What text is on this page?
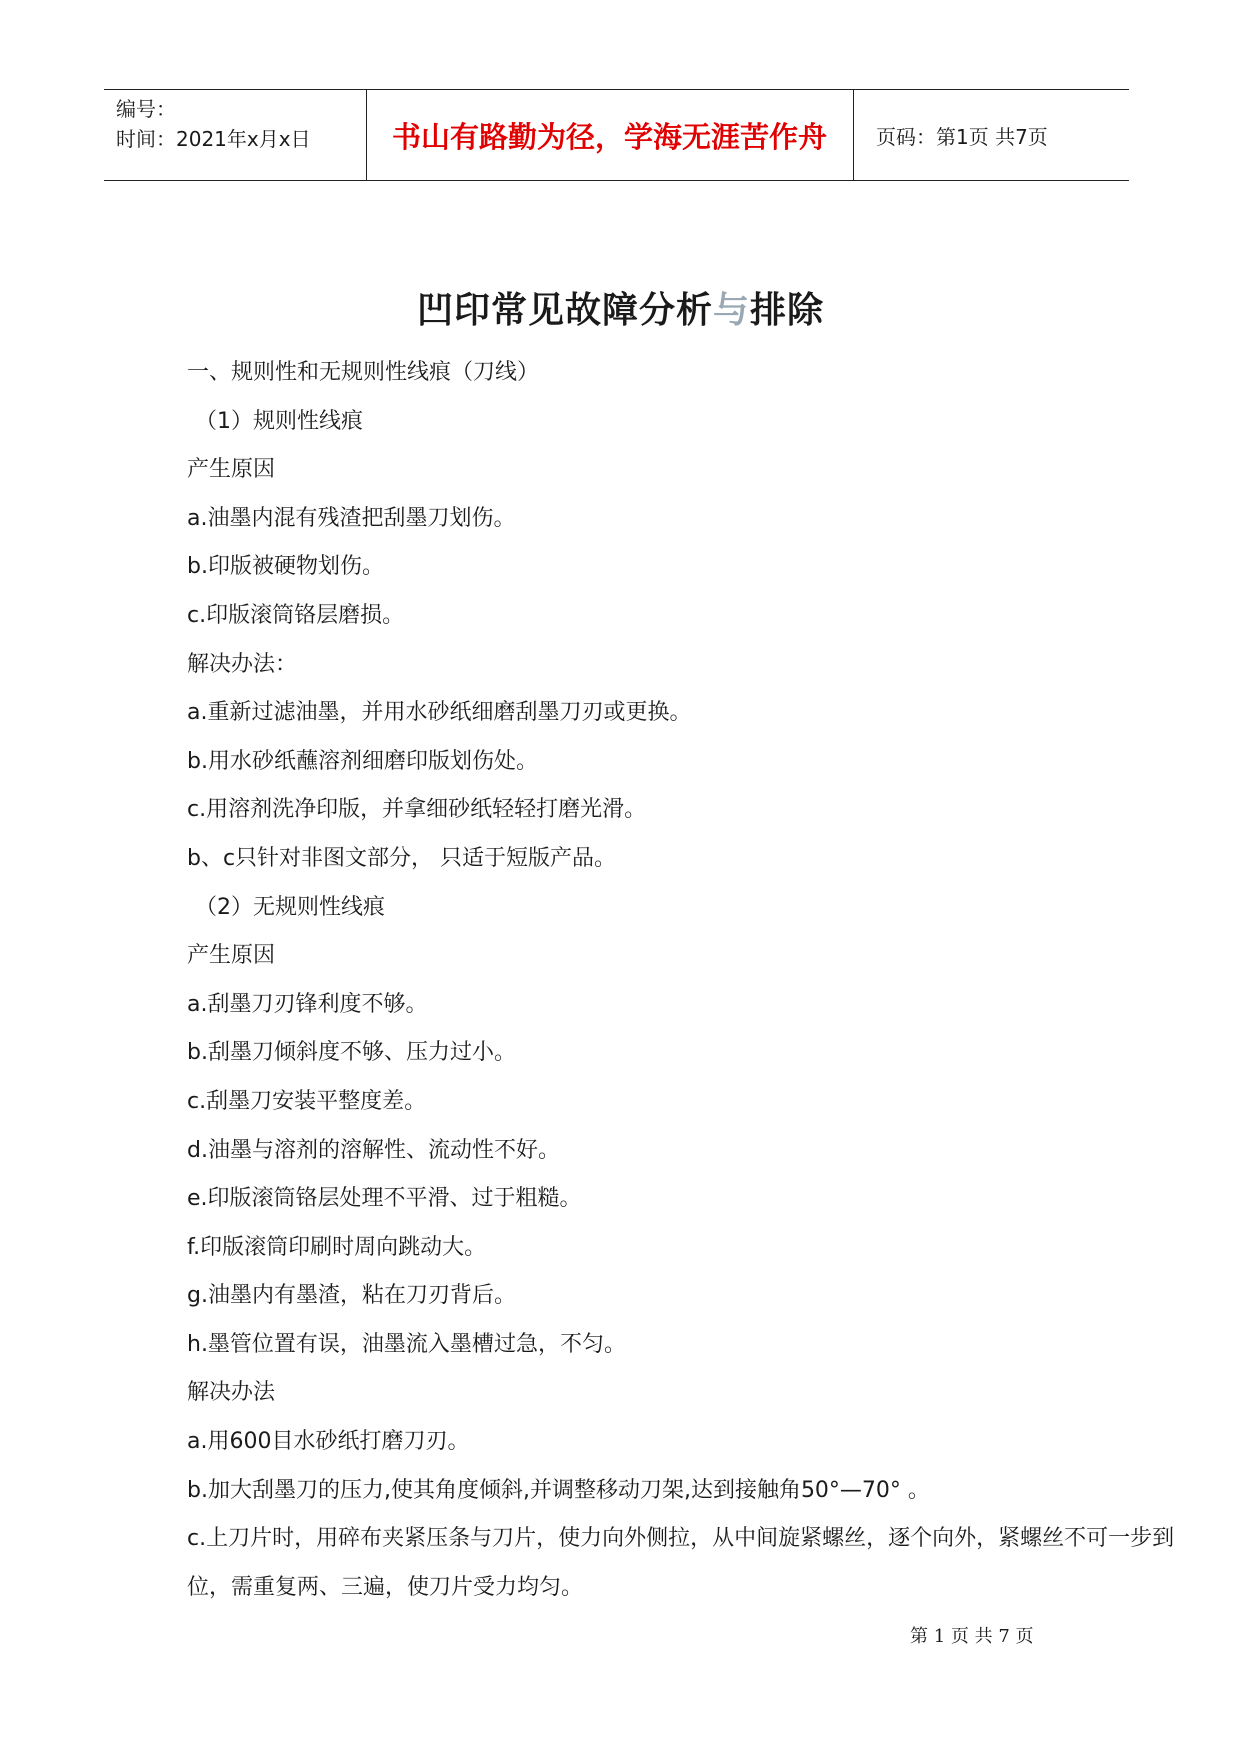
编号：
时间：2021年x月x日	书山有路勤为径，学海无涯苦作舟	页码：第1页 共7页
凹印常见故障分析与排除
一、规则性和无规则性线痕（刀线）
（1）规则性线痕
产生原因
a.油墨内混有残渣把刮墨刀划伤。
b.印版被硬物划伤。
c.印版滚筒铬层磨损。
解决办法：
a.重新过滤油墨，并用水砂纸细磨刮墨刀刃或更换。
b.用水砂纸蘸溶剂细磨印版划伤处。
c.用溶剂洗净印版，并拿细砂纸轻轻打磨光滑。
b、c只针对非图文部分， 只适于短版产品。
（2）无规则性线痕
产生原因
a.刮墨刀刃锋利度不够。
b.刮墨刀倾斜度不够、压力过小。
c.刮墨刀安装平整度差。
d.油墨与溶剂的溶解性、流动性不好。
e.印版滚筒铬层处理不平滑、过于粗糙。
f.印版滚筒印刷时周向跳动大。
g.油墨内有墨渣，粘在刀刃背后。
h.墨管位置有误，油墨流入墨槽过急，不匀。
解决办法
a.用600目水砂纸打磨刀刃。
b.加大刮墨刀的压力,使其角度倾斜,并调整移动刀架,达到接触角50°—70° 。
c.上刀片时，用碎布夹紧压条与刀片，使力向外侧拉，从中间旋紧螺丝，逐个向外，紧螺丝不可一步到位，需重复两、三遍，使刀片受力均匀。
第 1 页 共 7 页
